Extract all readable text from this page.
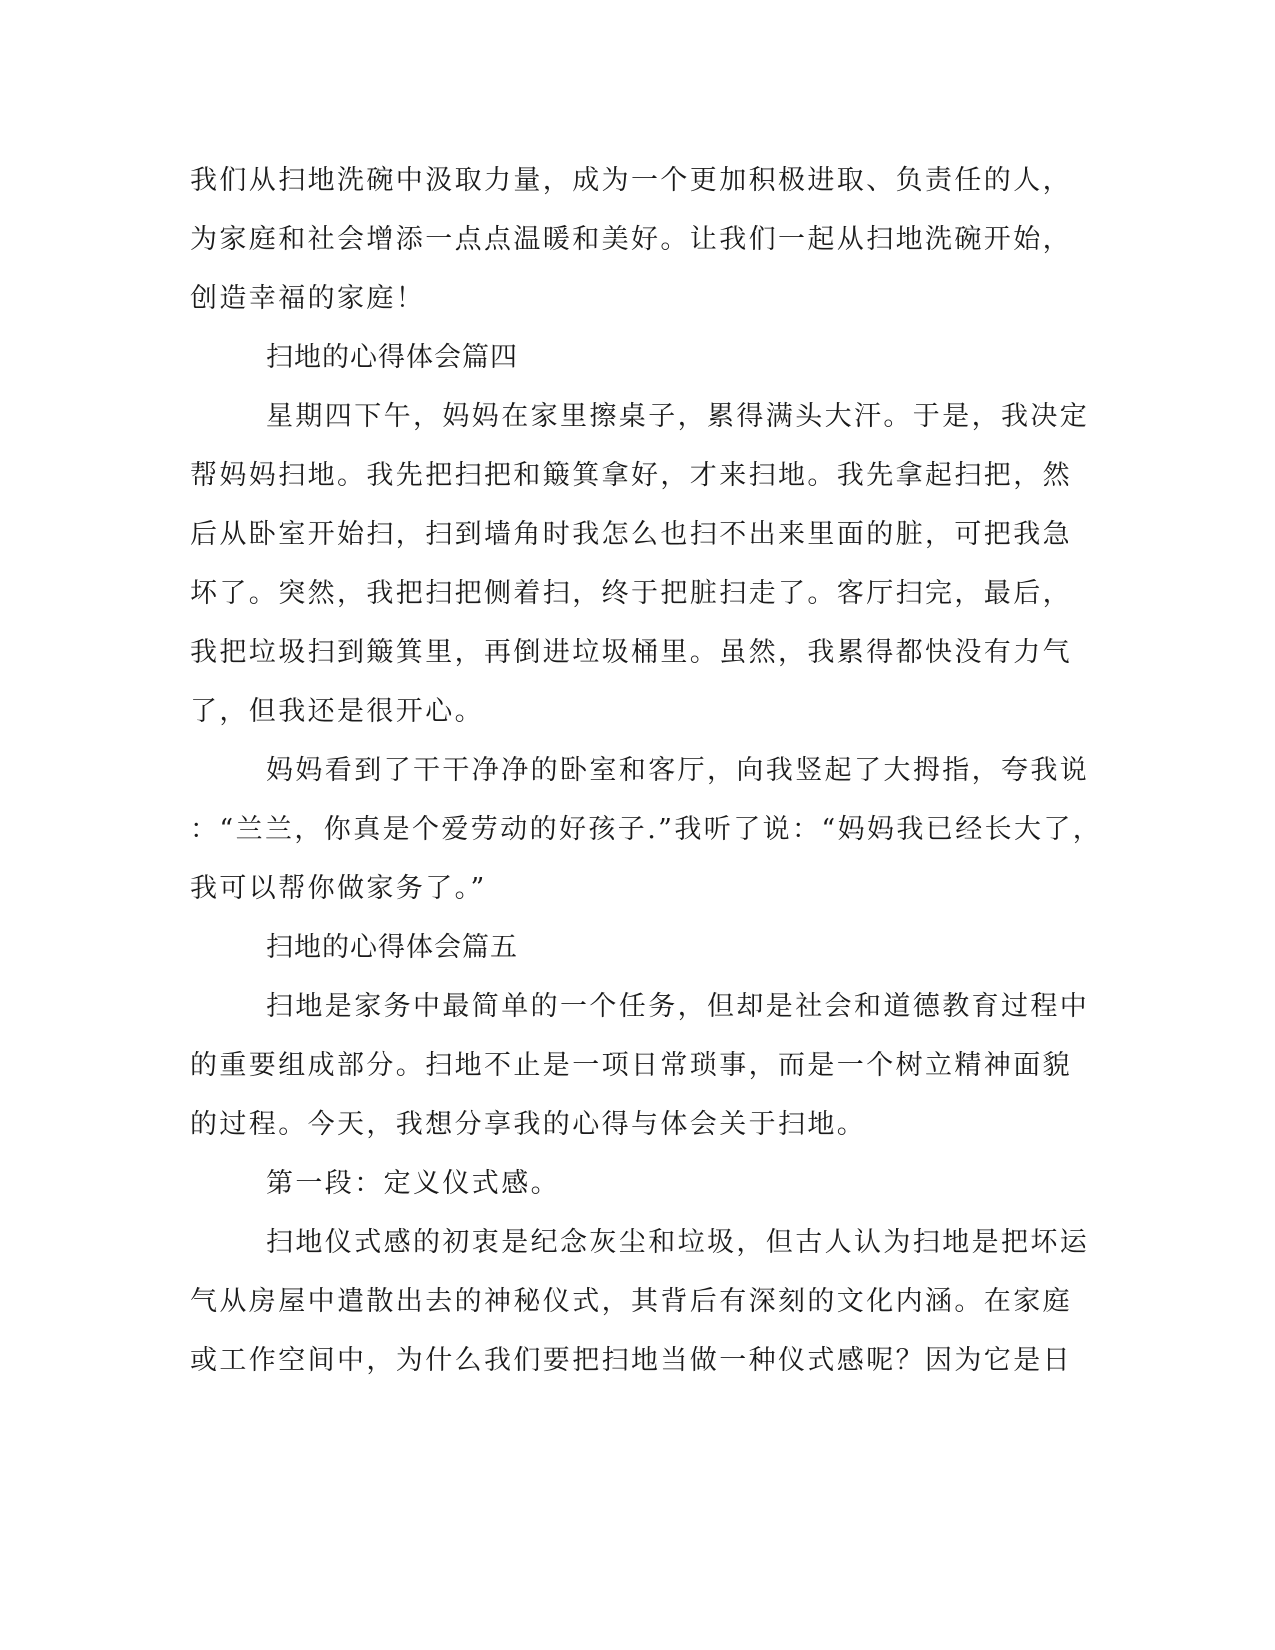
我们从扫地洗碗中汲取力量，成为一个更加积极进取、负责任的人，
为家庭和社会增添一点点温暖和美好。让我们一起从扫地洗碗开始，
创造幸福的家庭！
扫地的心得体会篇四
星期四下午，妈妈在家里擦桌子，累得满头大汗。于是，我决定
帮妈妈扫地。我先把扫把和簸箕拿好，才来扫地。我先拿起扫把，然
后从卧室开始扫，扫到墙角时我怎么也扫不出来里面的脏，可把我急
坏了。突然，我把扫把侧着扫，终于把脏扫走了。客厅扫完，最后，
我把垃圾扫到簸箕里，再倒进垃圾桶里。虽然，我累得都快没有力气
了，但我还是很开心。
妈妈看到了干干净净的卧室和客厅，向我竖起了大拇指，夸我说
：“兰兰，你真是个爱劳动的好孩子.”我听了说：“妈妈我已经长大了，
我可以帮你做家务了。”
扫地的心得体会篇五
扫地是家务中最简单的一个任务，但却是社会和道德教育过程中
的重要组成部分。扫地不止是一项日常琐事，而是一个树立精神面貌
的过程。今天，我想分享我的心得与体会关于扫地。
第一段：定义仪式感。
扫地仪式感的初衷是纪念灰尘和垃圾，但古人认为扫地是把坏运
气从房屋中遣散出去的神秘仪式，其背后有深刻的文化内涵。在家庭
或工作空间中，为什么我们要把扫地当做一种仪式感呢？因为它是日
